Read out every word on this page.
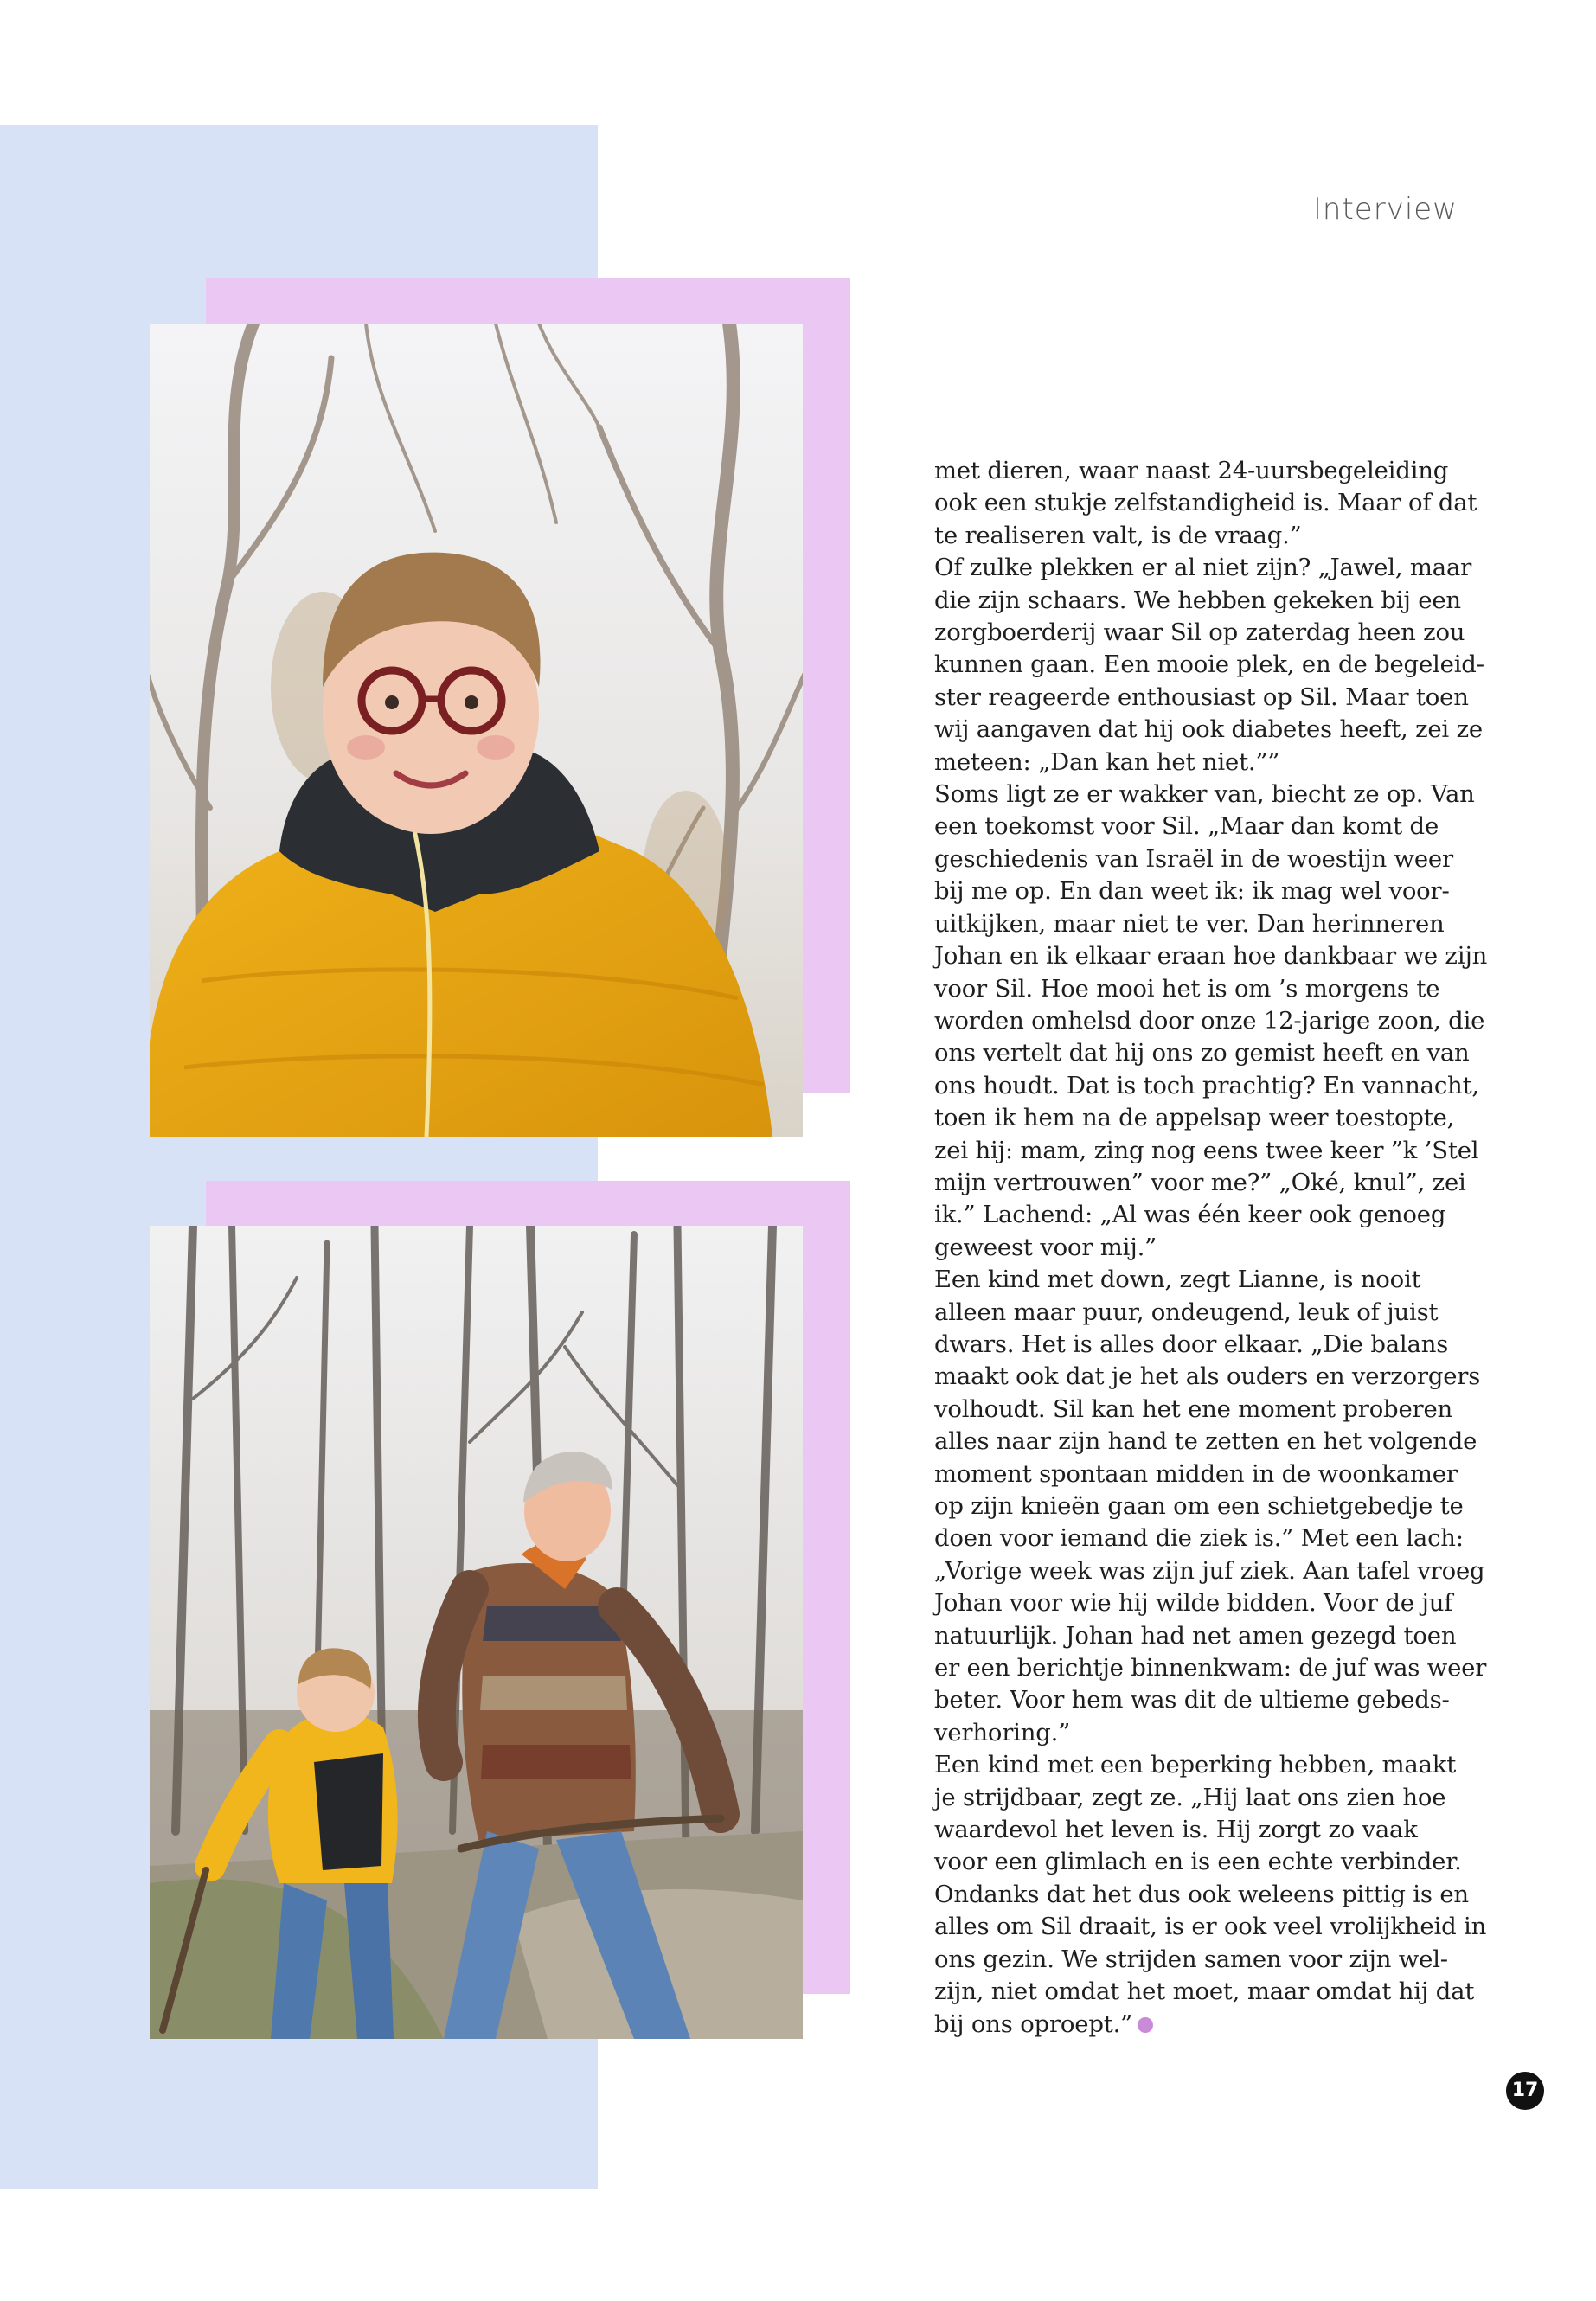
Interview

met dieren, waar naast 24-uursbegeleiding
ook een stukje zelfstandigheid is. Maar of dat
te realiseren valt, is de vraag.”

Of zulke plekken er al niet zijn? „Jawel, maar
die zijn schaars. We hebben gekeken bij een
zorgboerderij waar Sil op zaterdag heen zou
kunnen gaan. Een mooie plek, en de begeleid-
ster reageerde enthousiast op Sil. Maar toen
wij aangaven dat hij ook diabetes heeft, zei ze
meteen: „Dan kan het niet.””

Soms ligt ze er wakker van, biecht ze op. Van
een toekomst voor Sil. „Maar dan komt de
geschiedenis van Israël in de woestijn weer
bij me op. En dan weet ik: ik mag wel voor-
uitkijken, maar niet te ver. Dan herinneren
Johan en ik elkaar eraan hoe dankbaar we zijn
voor Sil. Hoe mooi het is om ’s morgens te
worden omhelsd door onze 12-jarige zoon, die
ons vertelt dat hij ons zo gemist heeft en van
ons houdt. Dat is toch prachtig? En vannacht,
toen ik hem na de appelsap weer toestopte,
zei hij: mam, zing nog eens twee keer ”k ’Stel
mijn vertrouwen” voor me?” „Oké, knul”, zei
ik.” Lachend: „Al was één keer ook genoeg
geweest voor mij.”

Een kind met down, zegt Lianne, is nooit
alleen maar puur, ondeugend, leuk of juist
dwars. Het is alles door elkaar. „Die balans
maakt ook dat je het als ouders en verzorgers
volhoudt. Sil kan het ene moment proberen
alles naar zijn hand te zetten en het volgende
moment spontaan midden in de woonkamer
op zijn knieën gaan om een schietgebedje te
doen voor iemand die ziek is.” Met een lach:
„Vorige week was zijn juf ziek. Aan tafel vroeg
Johan voor wie hij wilde bidden. Voor de juf
natuurlijk. Johan had net amen gezegd toen
er een berichtje binnenkwam: de juf was weer
beter. Voor hem was dit de ultieme gebeds-
verhoring.”

Een kind met een beperking hebben, maakt
je strijdbaar, zegt ze. „Hij laat ons zien hoe
waardevol het leven is. Hij zorgt zo vaak
voor een glimlach en is een echte verbinder.
Ondanks dat het dus ook weleens pittig is en
alles om Sil draait, is er ook veel vrolijkheid in
ons gezin. We strijden samen voor zijn wel-
zijn, niet omdat het moet, maar omdat hij dat
bij ons oproept.”

17
